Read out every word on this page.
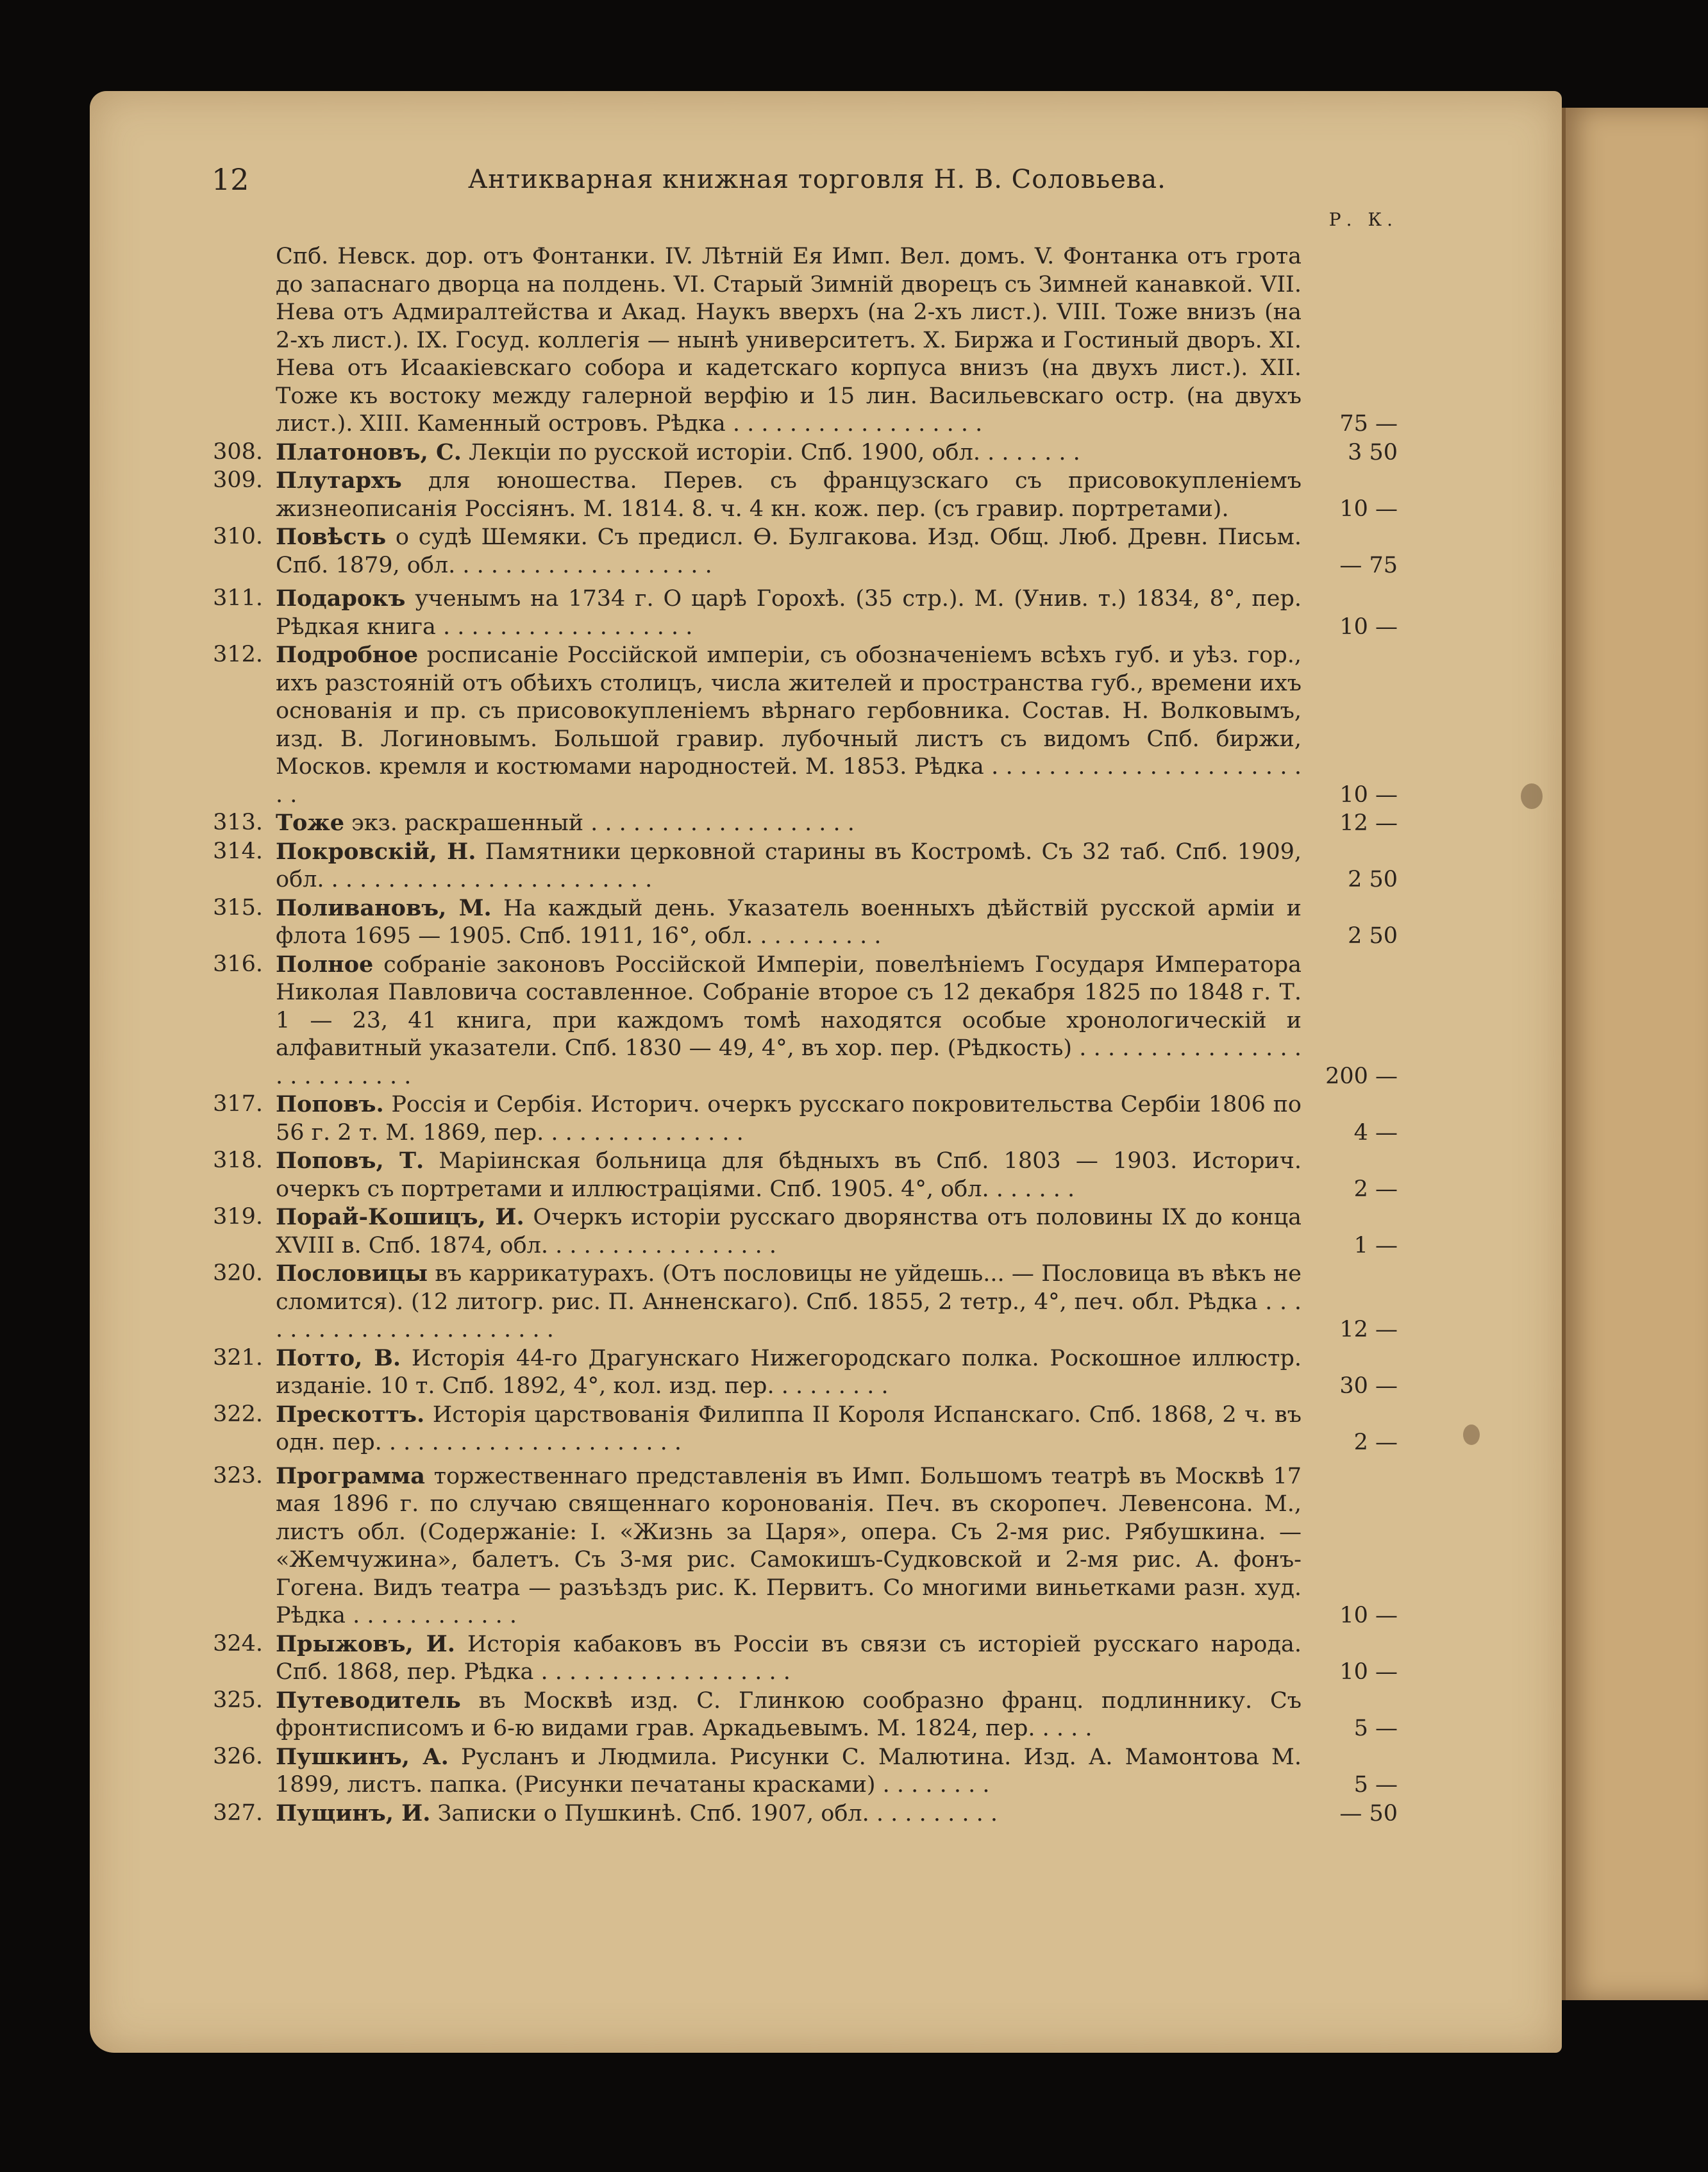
12	Антикварная книжная торговля Н. В. Соловьева.
Р. К.
Спб. Невск. дор. отъ Фонтанки. IV. Лѣтній Ея Имп. Вел. домъ. V. Фонтанка отъ грота до запаснаго дворца на полдень. VI. Старый Зимній дворецъ съ Зимней канавкой. VII. Нева отъ Адмиралтейства и Акад. Наукъ вверхъ (на 2-хъ лист.). VIII. Тоже внизъ (на 2-хъ лист.). IX. Госуд. коллегія — нынѣ университетъ. X. Биржа и Гостиный дворъ. XI. Нева отъ Исаакіевскаго собора и кадетскаго корпуса внизъ (на двухъ лист.). XII. Тоже къ востоку между галерной верфію и 15 лин. Васильевскаго остр. (на двухъ лист.). XIII. Каменный островъ. Рѣдка . . . . . . . . . . . . . . . . . .	75 —
308. Платоновъ, С. Лекціи по русской исторіи. Спб. 1900, обл. . . . . . . .	3 50
309. Плутархъ для юношества. Перев. съ французскаго съ присовокупленіемъ жизнеописанія Россіянъ. М. 1814. 8. ч. 4 кн. кож. пер. (съ гравир. портретами).	10 —
310. Повѣсть о судѣ Шемяки. Съ предисл. Ѳ. Булгакова. Изд. Общ. Люб. Древн. Письм. Спб. 1879, обл. . . . . . . . . . . . . . . . . . .	— 75
311. Подарокъ ученымъ на 1734 г. О царѣ Горохѣ. (35 стр.). М. (Унив. т.) 1834, 8°, пер. Рѣдкая книга . . . . . . . . . . . . . . . . . .	10 —
312. Подробное росписаніе Россійской имперіи, съ обозначеніемъ всѣхъ губ. и уѣз. гор., ихъ разстояній отъ обѣихъ столицъ, числа жителей и пространства губ., времени ихъ основанія и пр. съ присовокупленіемъ вѣрнаго гербовника. Состав. Н. Волковымъ, изд. В. Логиновымъ. Большой гравир. лубочный листъ съ видомъ Спб. биржи, Москов. кремля и костюмами народностей. М. 1853. Рѣдка . . . . . . . . . . . . . . . . . . . . . . . .	10 —
313. Тоже экз. раскрашенный . . . . . . . . . . . . . . . . . . .	12 —
314. Покровскій, Н. Памятники церковной старины въ Костромѣ. Съ 32 таб. Спб. 1909, обл. . . . . . . . . . . . . . . . . . . . . . . .	2 50
315. Поливановъ, М. На каждый день. Указатель военныхъ дѣйствій русской арміи и флота 1695 — 1905. Спб. 1911, 16°, обл. . . . . . . . . .	2 50
316. Полное собраніе законовъ Россійской Имперіи, повелѣніемъ Государя Императора Николая Павловича составленное. Собраніе второе съ 12 декабря 1825 по 1848 г. Т. 1 — 23, 41 книга, при каждомъ томѣ находятся особые хронологическій и алфавитный указатели. Спб. 1830 — 49, 4°, въ хор. пер. (Рѣдкость) . . . . . . . . . . . . . . . . . . . . . . . . . .	200 —
317. Поповъ. Россія и Сербія. Историч. очеркъ русскаго покровительства Сербіи 1806 по 56 г. 2 т. М. 1869, пер. . . . . . . . . . . . . . .	4 —
318. Поповъ, Т. Маріинская больница для бѣдныхъ въ Спб. 1803 — 1903. Историч. очеркъ съ портретами и иллюстраціями. Спб. 1905. 4°, обл. . . . . . .	2 —
319. Порай-Кошицъ, И. Очеркъ исторіи русскаго дворянства отъ половины IX до конца XVIII в. Спб. 1874, обл. . . . . . . . . . . . . . . . .	1 —
320. Пословицы въ каррикатурахъ. (Отъ пословицы не уйдешь... — Пословица въ вѣкъ не сломится). (12 литогр. рис. П. Анненскаго). Спб. 1855, 2 тетр., 4°, печ. обл. Рѣдка . . . . . . . . . . . . . . . . . . . . . . .	12 —
321. Потто, В. Исторія 44-го Драгунскаго Нижегородскаго полка. Роскошное иллюстр. изданіе. 10 т. Спб. 1892, 4°, кол. изд. пер. . . . . . . . .	30 —
322. Прескоттъ. Исторія царствованія Филиппа II Короля Испанскаго. Спб. 1868, 2 ч. въ одн. пер. . . . . . . . . . . . . . . . . . . . . .	2 —
323. Программа торжественнаго представленія въ Имп. Большомъ театрѣ въ Москвѣ 17 мая 1896 г. по случаю священнаго коронованія. Печ. въ скоропеч. Левенсона. М., листъ обл. (Содержаніе: I. «Жизнь за Царя», опера. Съ 2-мя рис. Рябушкина. — «Жемчужина», балетъ. Съ 3-мя рис. Самокишъ-Судковской и 2-мя рис. А. фонъ-Гогена. Видъ театра — разъѣздъ рис. К. Первитъ. Со многими виньетками разн. худ. Рѣдка . . . . . . . . . . . .	10 —
324. Прыжовъ, И. Исторія кабаковъ въ Россіи въ связи съ исторіей русскаго народа. Спб. 1868, пер. Рѣдка . . . . . . . . . . . . . . . . . .	10 —
325. Путеводитель въ Москвѣ изд. С. Глинкою сообразно франц. подлиннику. Съ фронтисписомъ и 6-ю видами грав. Аркадьевымъ. М. 1824, пер. . . . .	5 —
326. Пушкинъ, А. Русланъ и Людмила. Рисунки С. Малютина. Изд. А. Мамонтова М. 1899, листъ. папка. (Рисунки печатаны красками) . . . . . . . .	5 —
327. Пущинъ, И. Записки о Пушкинѣ. Спб. 1907, обл. . . . . . . . . .	— 50
